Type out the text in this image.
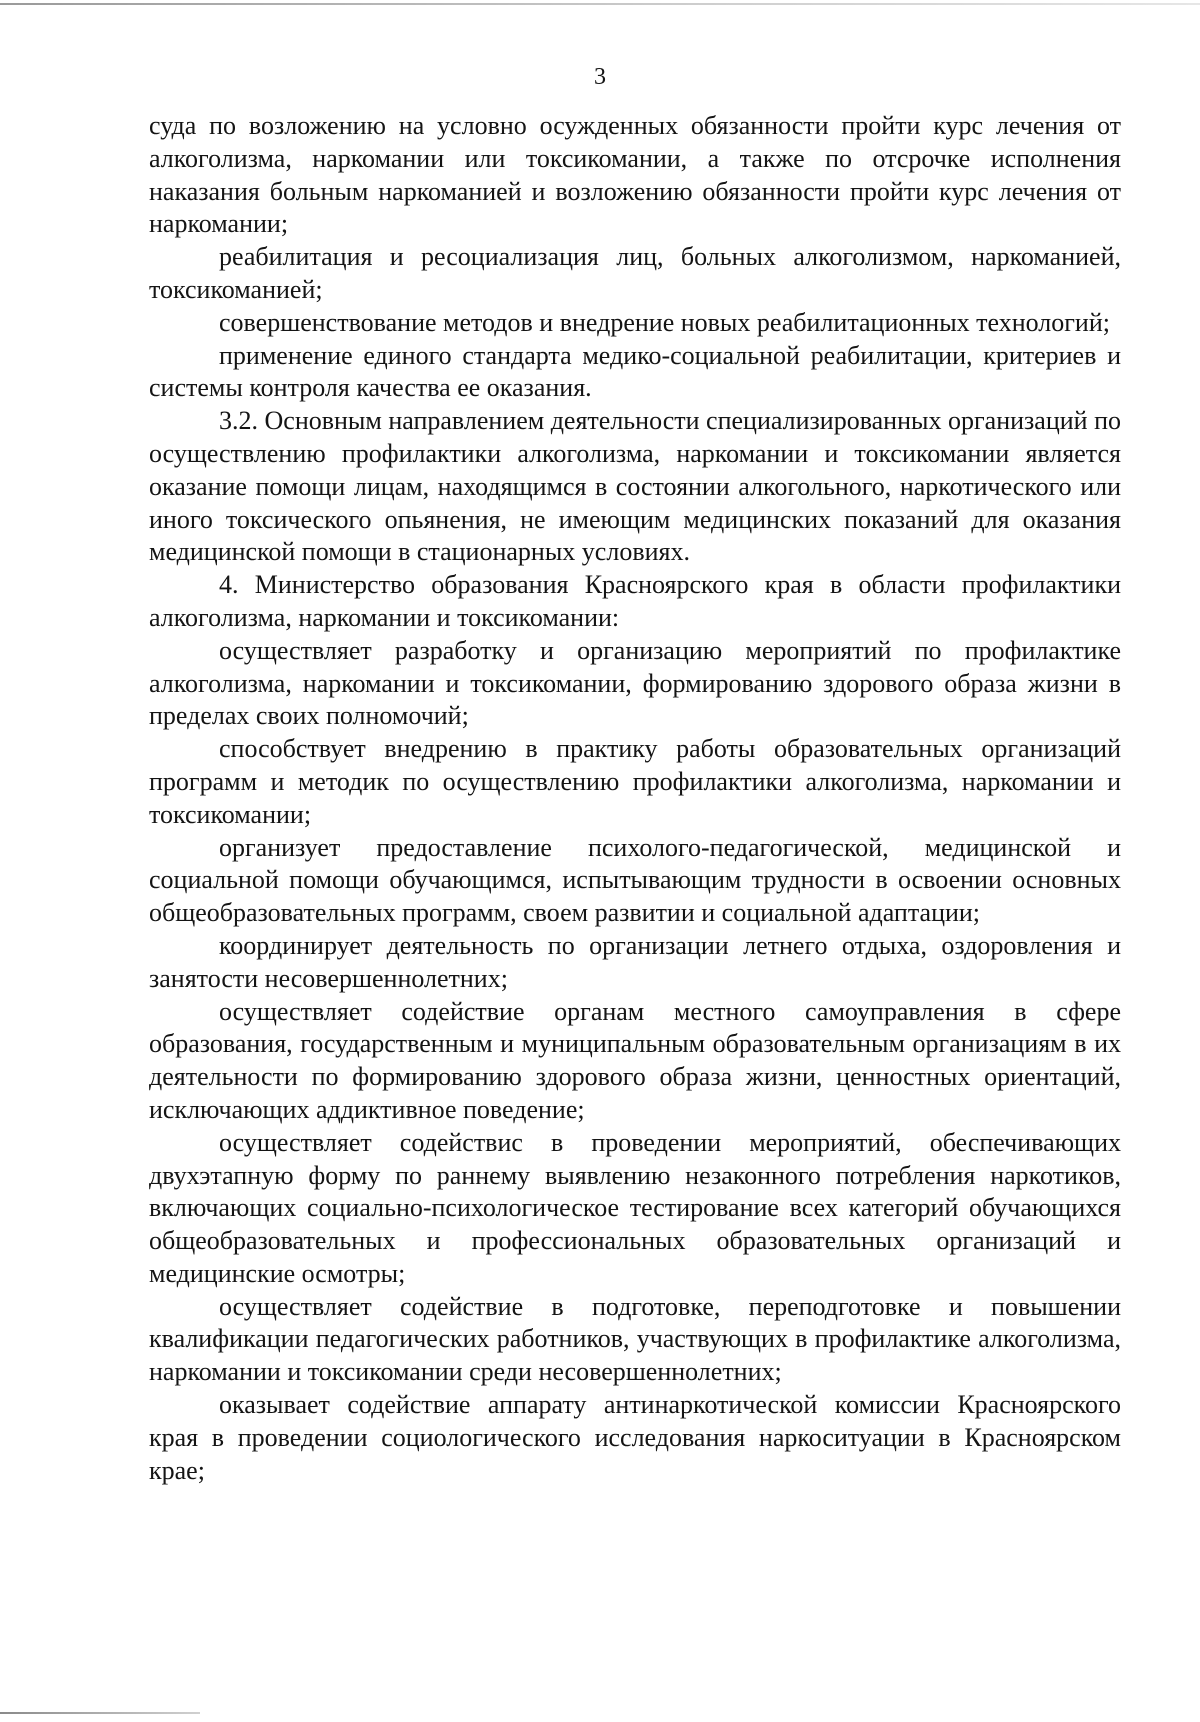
3

суда по возложению на условно осужденных обязанности пройти курс лечения от алкоголизма, наркомании или токсикомании, а также по отсрочке исполнения наказания больным наркоманией и возложению обязанности пройти курс лечения от наркомании;

реабилитация и ресоциализация лиц, больных алкоголизмом, наркоманией, токсикоманией;

совершенствование методов и внедрение новых реабилитационных технологий;

применение единого стандарта медико-социальной реабилитации, критериев и системы контроля качества ее оказания.

3.2. Основным направлением деятельности специализированных организаций по осуществлению профилактики алкоголизма, наркомании и токсикомании является оказание помощи лицам, находящимся в состоянии алкогольного, наркотического или иного токсического опьянения, не имеющим медицинских показаний для оказания медицинской помощи в стационарных условиях.

4. Министерство образования Красноярского края в области профилактики алкоголизма, наркомании и токсикомании:

осуществляет разработку и организацию мероприятий по профилактике алкоголизма, наркомании и токсикомании, формированию здорового образа жизни в пределах своих полномочий;

способствует внедрению в практику работы образовательных организаций программ и методик по осуществлению профилактики алкоголизма, наркомании и токсикомании;

организует предоставление психолого-педагогической, медицинской и социальной помощи обучающимся, испытывающим трудности в освоении основных общеобразовательных программ, своем развитии и социальной адаптации;

координирует деятельность по организации летнего отдыха, оздоровления и занятости несовершеннолетних;

осуществляет содействие органам местного самоуправления в сфере образования, государственным и муниципальным образовательным организациям в их деятельности по формированию здорового образа жизни, ценностных ориентаций, исключающих аддиктивное поведение;

осуществляет содействис в проведении мероприятий, обеспечивающих двухэтапную форму по раннему выявлению незаконного потребления наркотиков, включающих социально-психологическое тестирование всех категорий обучающихся общеобразовательных и профессиональных образовательных организаций и медицинские осмотры;

осуществляет содействие в подготовке, переподготовке и повышении квалификации педагогических работников, участвующих в профилактике алкоголизма, наркомании и токсикомании среди несовершеннолетних;

оказывает содействие аппарату антинаркотической комиссии Красноярского края в проведении социологического исследования наркоситуации в Красноярском крае;
